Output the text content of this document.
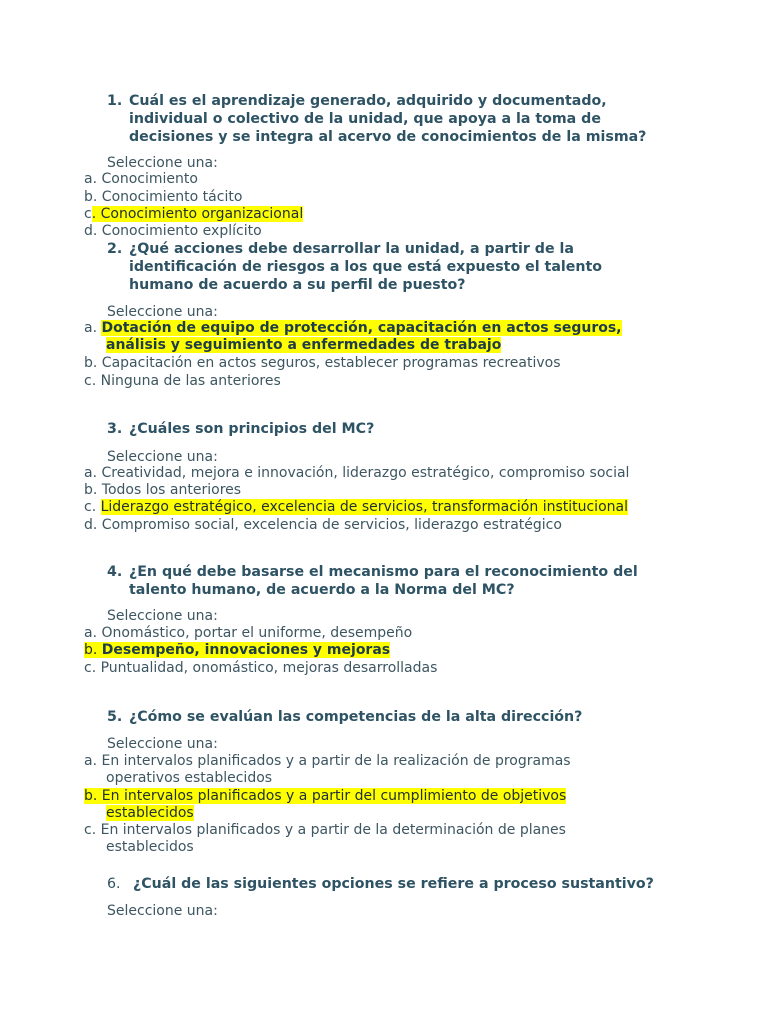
1. Cuál es el aprendizaje generado, adquirido y documentado,
individual o colectivo de la unidad, que apoya a la toma de
decisiones y se integra al acervo de conocimientos de la misma?
Seleccione una:
a. Conocimiento
b. Conocimiento tácito
c. Conocimiento organizacional
d. Conocimiento explícito
2. ¿Qué acciones debe desarrollar la unidad, a partir de la
identificación de riesgos a los que está expuesto el talento
humano de acuerdo a su perfil de puesto?
Seleccione una:
a. Dotación de equipo de protección, capacitación en actos seguros,
análisis y seguimiento a enfermedades de trabajo
b. Capacitación en actos seguros, establecer programas recreativos
c. Ninguna de las anteriores
3. ¿Cuáles son principios del MC?
Seleccione una:
a. Creatividad, mejora e innovación, liderazgo estratégico, compromiso social
b. Todos los anteriores
c. Liderazgo estratégico, excelencia de servicios, transformación institucional
d. Compromiso social, excelencia de servicios, liderazgo estratégico
4. ¿En qué debe basarse el mecanismo para el reconocimiento del
talento humano, de acuerdo a la Norma del MC?
Seleccione una:
a. Onomástico, portar el uniforme, desempeño
b. Desempeño, innovaciones y mejoras
c. Puntualidad, onomástico, mejoras desarrolladas
5. ¿Cómo se evalúan las competencias de la alta dirección?
Seleccione una:
a. En intervalos planificados y a partir de la realización de programas
operativos establecidos
b. En intervalos planificados y a partir del cumplimiento de objetivos
establecidos
c. En intervalos planificados y a partir de la determinación de planes
establecidos
6. ¿Cuál de las siguientes opciones se refiere a proceso sustantivo?
Seleccione una:
